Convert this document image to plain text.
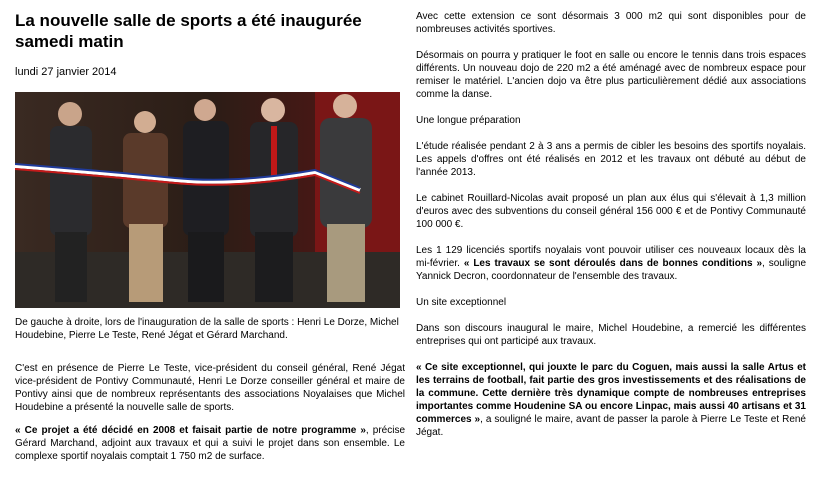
La nouvelle salle de sports a été inaugurée samedi matin
lundi 27 janvier 2014

De gauche à droite, lors de l'inauguration de la salle de sports : Henri Le Dorze, Michel Houdebine, Pierre Le Teste, René Jégat et Gérard Marchand.

C'est en présence de Pierre Le Teste, vice-président du conseil général, René Jégat vice-président de Pontivy Communauté, Henri Le Dorze conseiller général et maire de Pontivy ainsi que de nombreux représentants des associations Noyalaises que Michel Houdebine a présenté la nouvelle salle de sports.

« Ce projet a été décidé en 2008 et faisait partie de notre programme », précise Gérard Marchand, adjoint aux travaux et qui a suivi le projet dans son ensemble. Le complexe sportif noyalais comptait 1 750 m2 de surface.

Avec cette extension ce sont désormais 3 000 m2 qui sont disponibles pour de nombreuses activités sportives.

Désormais on pourra y pratiquer le foot en salle ou encore le tennis dans trois espaces différents. Un nouveau dojo de 220 m2 a été aménagé avec de nombreux espace pour remiser le matériel. L'ancien dojo va être plus particulièrement dédié aux associations comme la danse.

Une longue préparation

L'étude réalisée pendant 2 à 3 ans a permis de cibler les besoins des sportifs noyalais. Les appels d'offres ont été réalisés en 2012 et les travaux ont débuté au début de l'année 2013.

Le cabinet Rouillard-Nicolas avait proposé un plan aux élus qui s'élevait à 1,3 million d'euros avec des subventions du conseil général 156 000 € et de Pontivy Communauté 100 000 €.

Les 1 129 licenciés sportifs noyalais vont pouvoir utiliser ces nouveaux locaux dès la mi-février. « Les travaux se sont déroulés dans de bonnes conditions », souligne Yannick Decron, coordonnateur de l'ensemble des travaux.

Un site exceptionnel

Dans son discours inaugural le maire, Michel Houdebine, a remercié les différentes entreprises qui ont participé aux travaux.

« Ce site exceptionnel, qui jouxte le parc du Coguen, mais aussi la salle Artus et les terrains de football, fait partie des gros investissements et des réalisations de la commune. Cette dernière très dynamique compte de nombreuses entreprises importantes comme Houdenine SA ou encore Linpac, mais aussi 40 artisans et 31 commerces », a souligné le maire, avant de passer la parole à Pierre Le Teste et René Jégat.
